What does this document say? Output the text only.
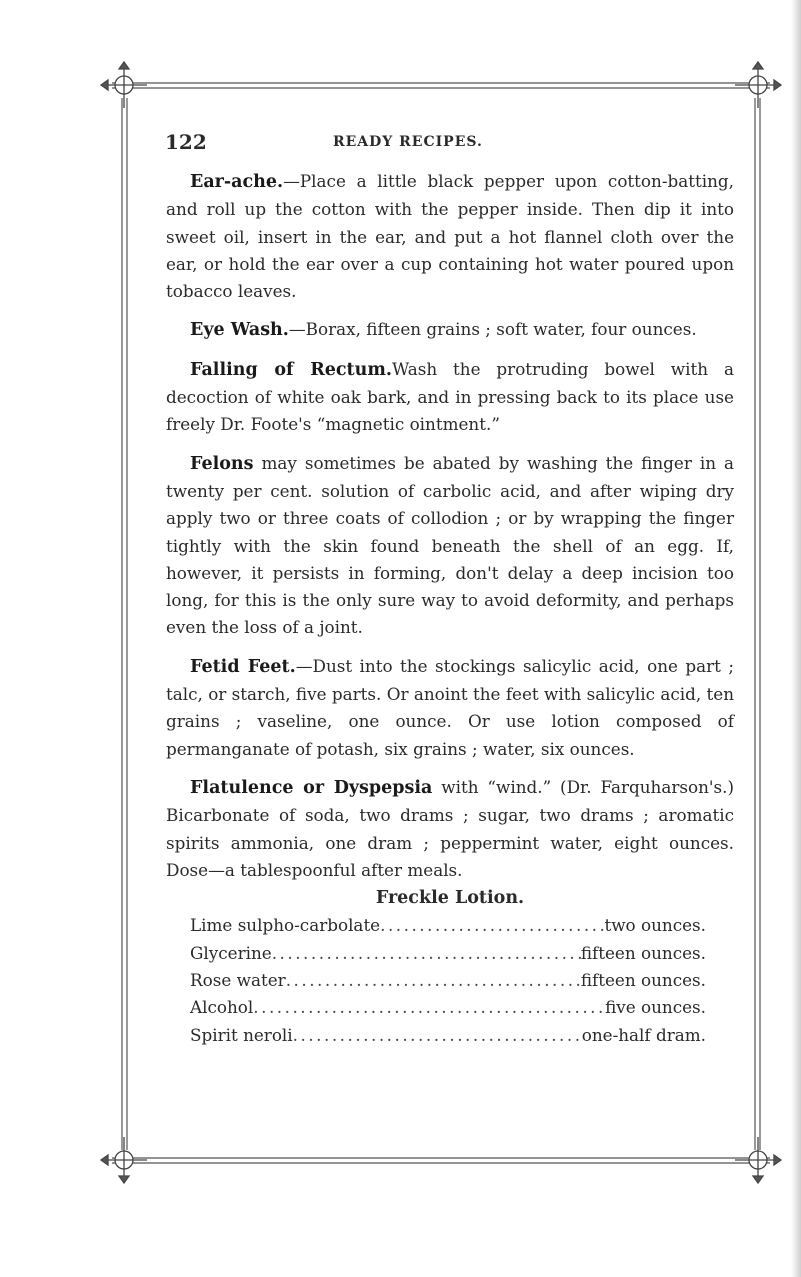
122	READY RECIPES.

Ear-ache.—Place a little black pepper upon cotton-batting, and roll up the cotton with the pepper inside. Then dip it into sweet oil, insert in the ear, and put a hot flannel cloth over the ear, or hold the ear over a cup containing hot water poured upon tobacco leaves.

Eye Wash.—Borax, fifteen grains ; soft water, four ounces.

Falling of Rectum.Wash the protruding bowel with a decoction of white oak bark, and in pressing back to its place use freely Dr. Foote's “magnetic ointment.”

Felons may sometimes be abated by washing the finger in a twenty per cent. solution of carbolic acid, and after wiping dry apply two or three coats of collodion ; or by wrapping the finger tightly with the skin found beneath the shell of an egg. If, however, it persists in forming, don't delay a deep incision too long, for this is the only sure way to avoid deformity, and perhaps even the loss of a joint.

Fetid Feet.—Dust into the stockings salicylic acid, one part ; talc, or starch, five parts. Or anoint the feet with salicylic acid, ten grains ; vaseline, one ounce. Or use lotion composed of permanganate of potash, six grains ; water, six ounces.

Flatulence or Dyspepsia with “wind.” (Dr. Farquharson's.) Bicarbonate of soda, two drams ; sugar, two drams ; aromatic spirits ammonia, one dram ; peppermint water, eight ounces. Dose—a tablespoonful after meals.

Freckle Lotion.
Lime sulpho-carbolate .....	two ounces.
Glycerine .....	fifteen ounces.
Rose water .....	fifteen ounces.
Alcohol .....	five ounces.
Spirit neroli .....	one-half dram.
